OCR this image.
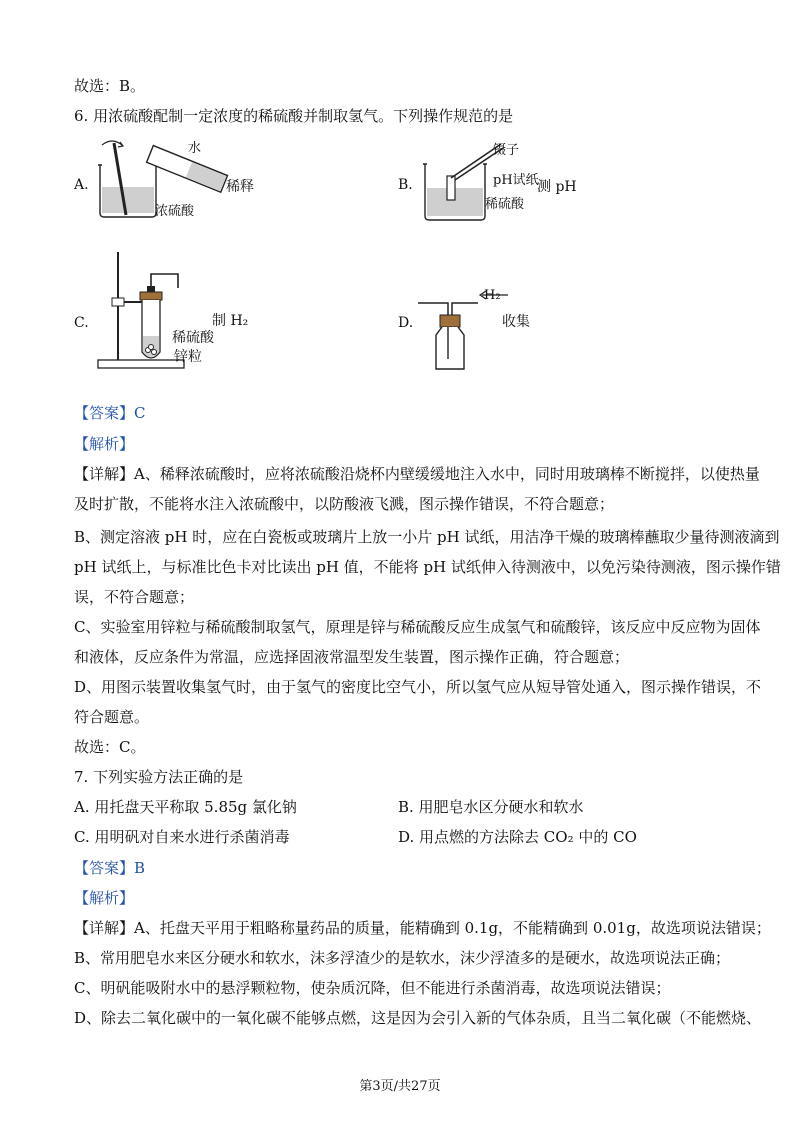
故选：B。
6. 用浓硫酸配制一定浓度的稀硫酸并制取氢气。下列操作规范的是
A.
水
稀释
浓硫酸
B.
镊子
pH试纸
测 pH
稀硫酸
C.	制 H₂
稀硫酸
锌粒
D.
H₂
收集
【答案】C
【解析】
【详解】A、稀释浓硫酸时，应将浓硫酸沿烧杯内壁缓缓地注入水中，同时用玻璃棒不断搅拌，以使热量
及时扩散，不能将水注入浓硫酸中，以防酸液飞溅，图示操作错误，不符合题意；
B、测定溶液 pH 时，应在白瓷板或玻璃片上放一小片 pH 试纸，用洁净干燥的玻璃棒蘸取少量待测液滴到
pH 试纸上，与标准比色卡对比读出 pH 值，不能将 pH 试纸伸入待测液中，以免污染待测液，图示操作错
误，不符合题意；
C、实验室用锌粒与稀硫酸制取氢气，原理是锌与稀硫酸反应生成氢气和硫酸锌，该反应中反应物为固体
和液体，反应条件为常温，应选择固液常温型发生装置，图示操作正确，符合题意；
D、用图示装置收集氢气时，由于氢气的密度比空气小，所以氢气应从短导管处通入，图示操作错误，不
符合题意。
故选：C。
7. 下列实验方法正确的是
A. 用托盘天平称取 5.85g 氯化钠	B. 用肥皂水区分硬水和软水
C. 用明矾对自来水进行杀菌消毒	D. 用点燃的方法除去 CO₂ 中的 CO
【答案】B
【解析】
【详解】A、托盘天平用于粗略称量药品的质量，能精确到 0.1g，不能精确到 0.01g，故选项说法错误；
B、常用肥皂水来区分硬水和软水，沫多浮渣少的是软水，沫少浮渣多的是硬水，故选项说法正确；
C、明矾能吸附水中的悬浮颗粒物，使杂质沉降，但不能进行杀菌消毒，故选项说法错误；
D、除去二氧化碳中的一氧化碳不能够点燃，这是因为会引入新的气体杂质，且当二氧化碳（不能燃烧、
第3页/共27页
